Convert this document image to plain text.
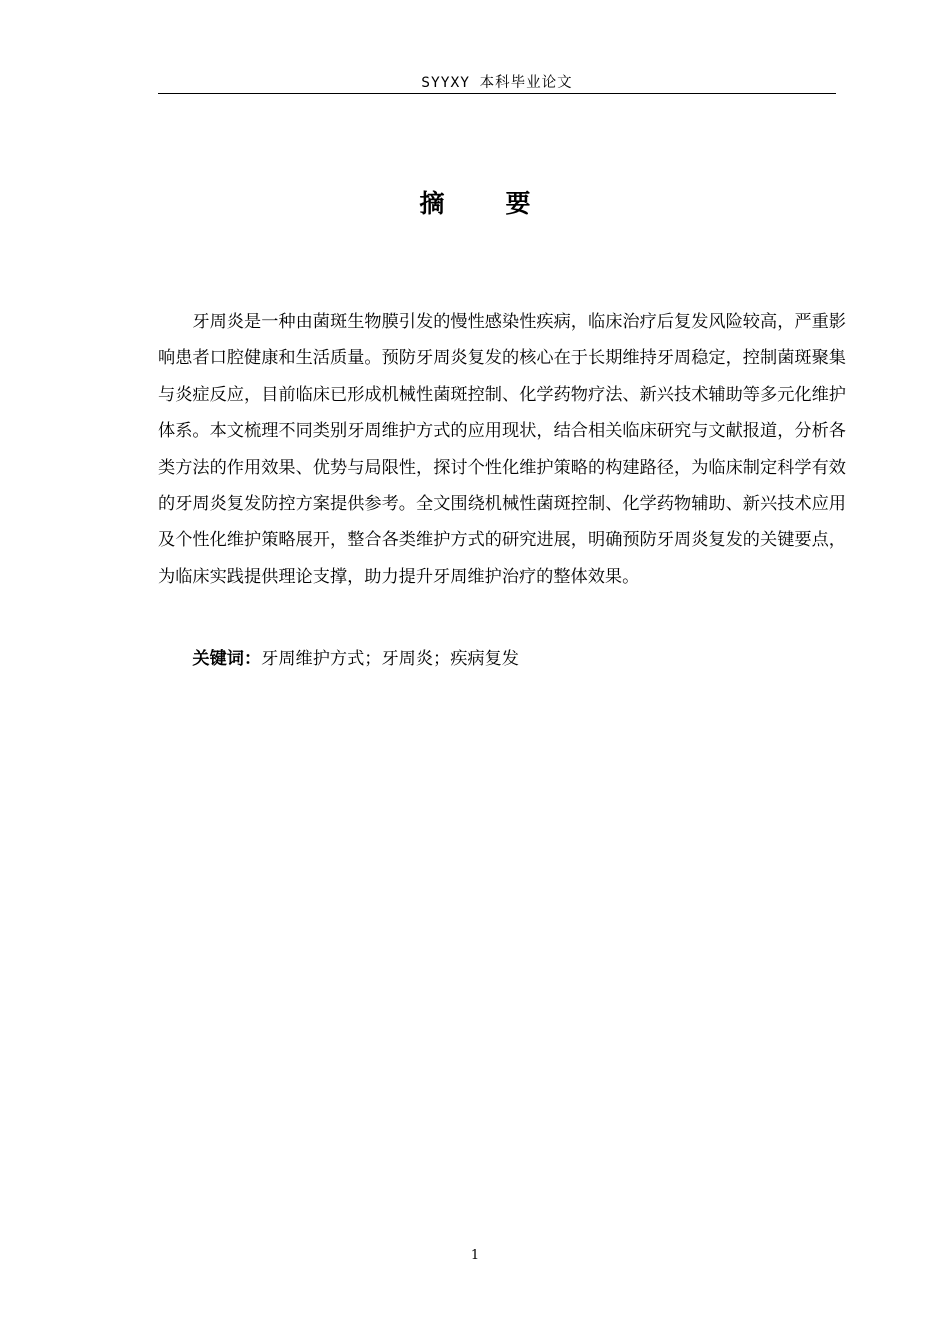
SYYXY 本科毕业论文
摘　要

牙周炎是一种由菌斑生物膜引发的慢性感染性疾病，临床治疗后复发风险较高，严重影响患者口腔健康和生活质量。预防牙周炎复发的核心在于长期维持牙周稳定，控制菌斑聚集与炎症反应，目前临床已形成机械性菌斑控制、化学药物疗法、新兴技术辅助等多元化维护体系。本文梳理不同类别牙周维护方式的应用现状，结合相关临床研究与文献报道，分析各类方法的作用效果、优势与局限性，探讨个性化维护策略的构建路径，为临床制定科学有效的牙周炎复发防控方案提供参考。全文围绕机械性菌斑控制、化学药物辅助、新兴技术应用及个性化维护策略展开，整合各类维护方式的研究进展，明确预防牙周炎复发的关键要点，为临床实践提供理论支撑，助力提升牙周维护治疗的整体效果。

关键词：牙周维护方式；牙周炎；疾病复发

1
